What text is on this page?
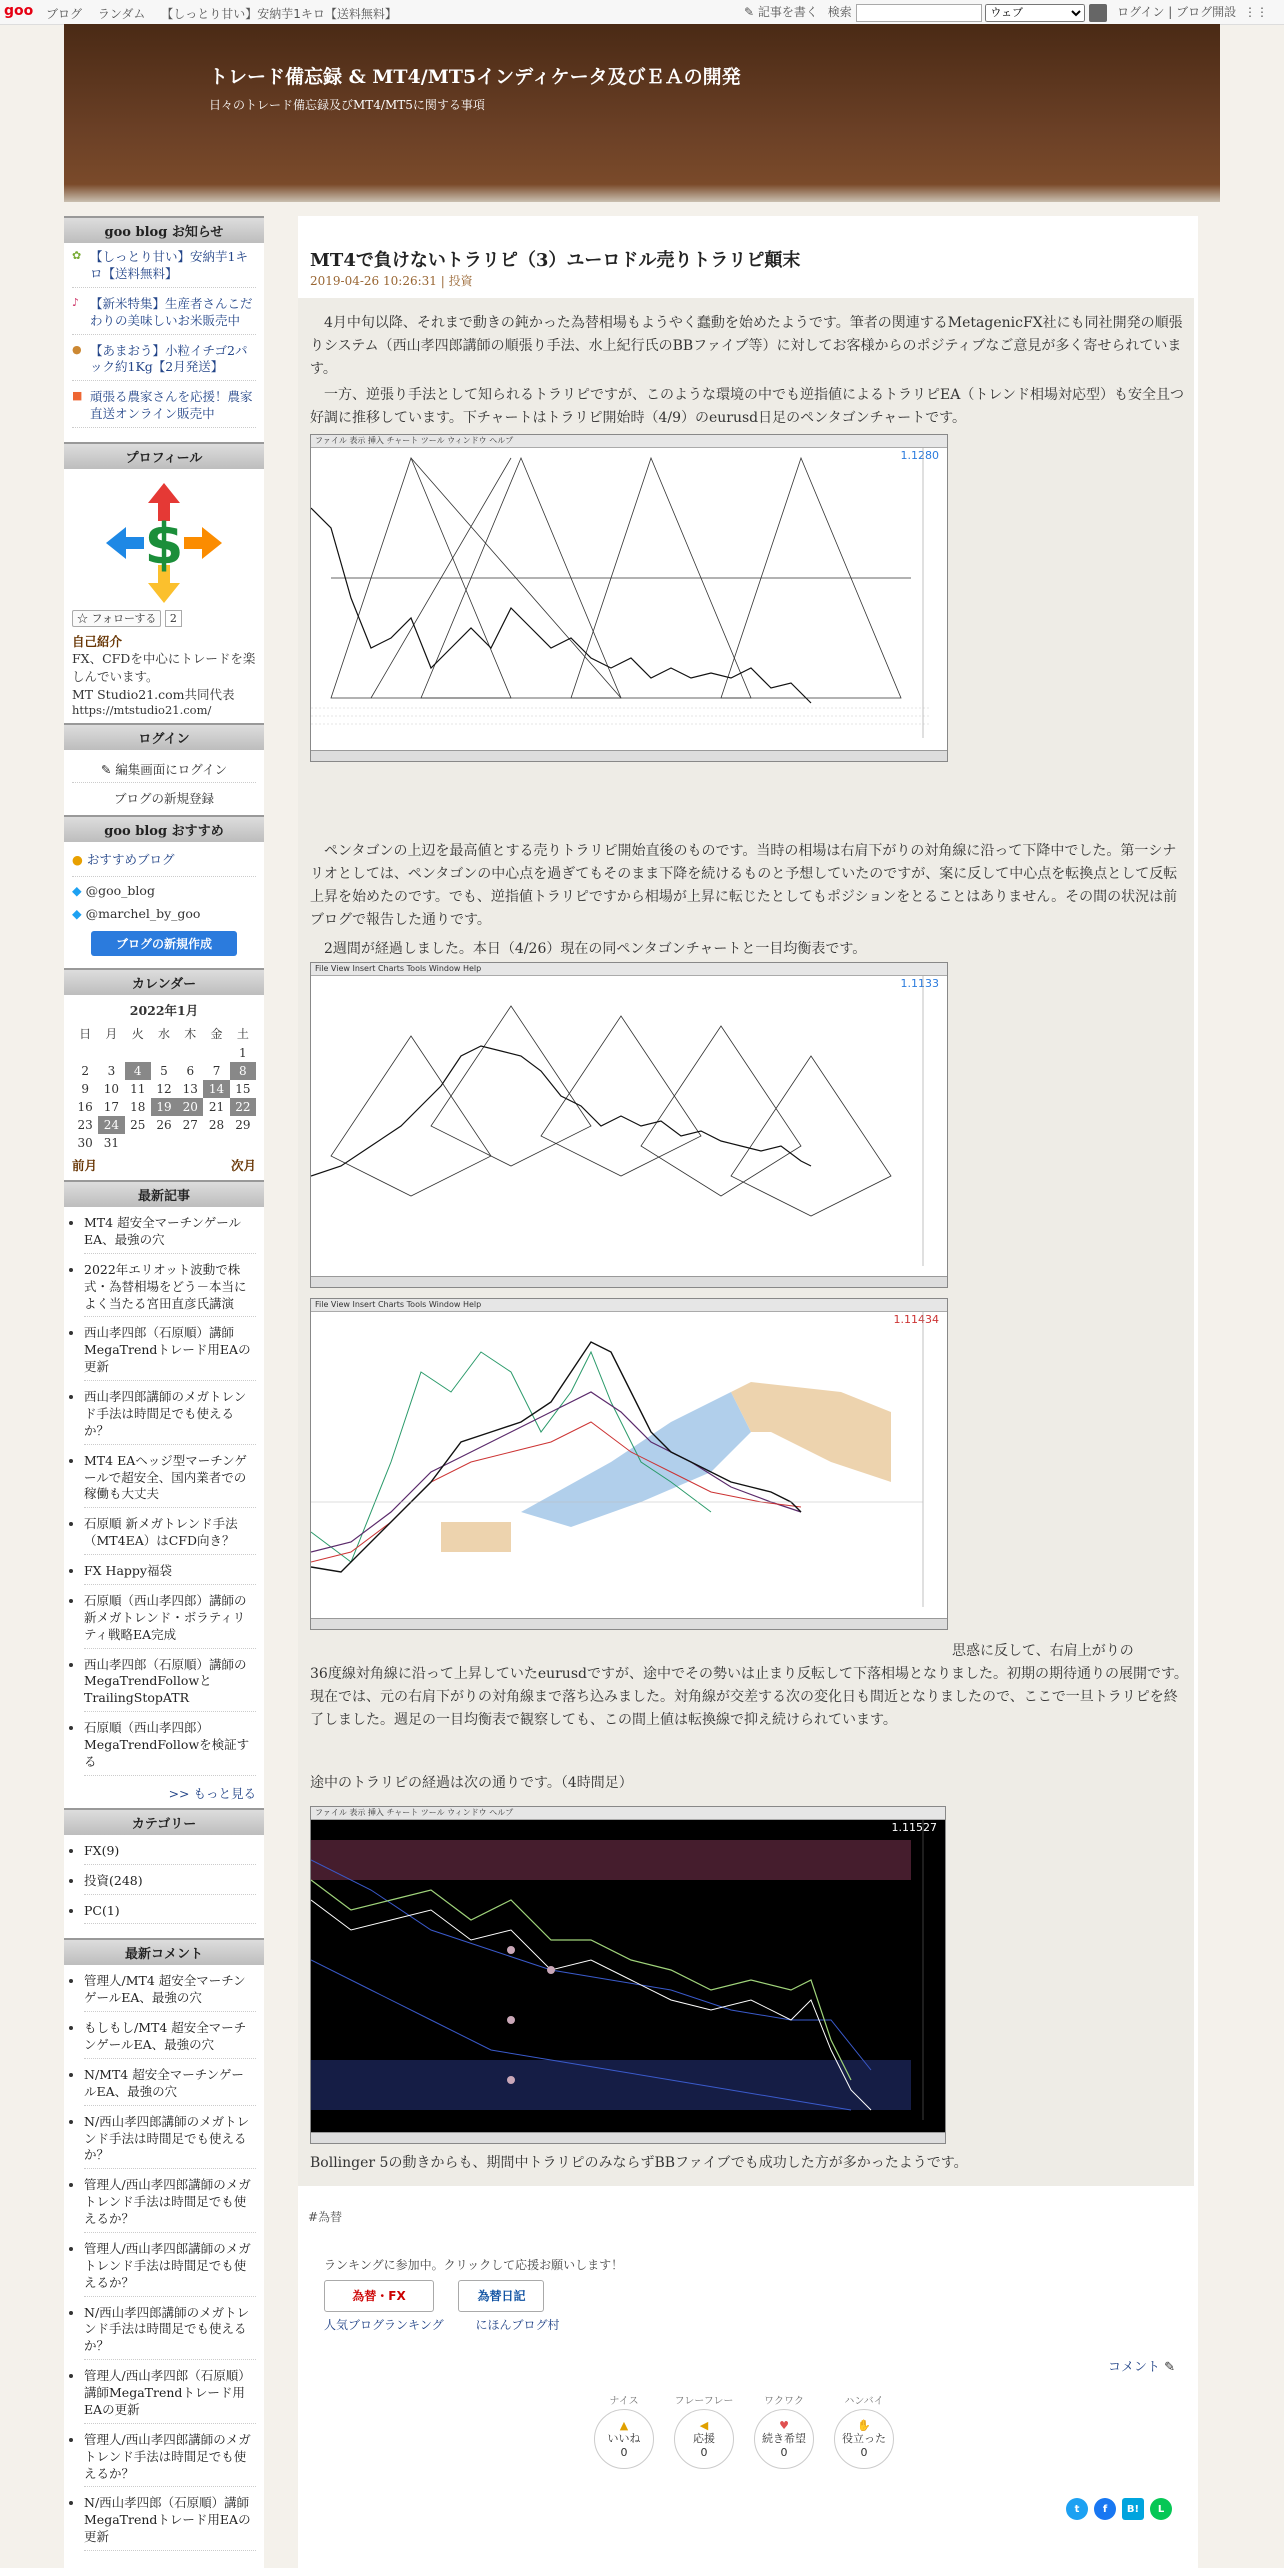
goo ブログ ランダム 【しっとり甘い】安納芋1キロ【送料無料】	✎ 記事を書く 検索
ウェブ	ログイン | ブログ開設 ⋮⋮
トレード備忘録 & MT4/MT5インディケータ及びＥＡの開発
日々のトレード備忘録及びMT4/MT5に関する事項
goo blog お知らせ
✿ 【しっとり甘い】安納芋1キロ【送料無料】
♪ 【新米特集】生産者さんこだわりの美味しいお米販売中
● 【あまおう】小粒イチゴ2パック約1Kg【2月発送】
■ 頑張る農家さんを応援！農家直送オンライン販売中
プロフィール
$
☆ フォローする 2
自己紹介
FX、CFDを中心にトレードを楽しんでいます。
MT Studio21.com共同代表
https://mtstudio21.com/
ログイン
✎ 編集画面にログイン
ブログの新規登録
goo blog おすすめ
● おすすめブログ
◆ @goo_blog
◆ @marchel_by_goo
ブログの新規作成
カレンダー
2022年1月
日	月	火	水	木	金	土
						1
2	3	4	5	6	7	8
9	10	11	12	13	14	15
16	17	18	19	20	21	22
23	24	25	26	27	28	29
30	31					
前月	次月
最新記事
• MT4 超安全マーチンゲールEA、最強の穴
• 2022年エリオット波動で株式・為替相場をどう－本当によく当たる宮田直彦氏講演
• 西山孝四郎（石原順）講師MegaTrendトレード用EAの更新
• 西山孝四郎講師のメガトレンド手法は時間足でも使えるか？
• MT4 EAヘッジ型マーチンゲールで超安全、国内業者での稼働も大丈夫
• 石原順 新メガトレンド手法（MT4EA）はCFD向き？
• FX Happy福袋
• 石原順（西山孝四郎）講師の新メガトレンド・ボラティリティ戦略EA完成
• 西山孝四郎（石原順）講師のMegaTrendFollowとTrailingStopATR
• 石原順（西山孝四郎）MegaTrendFollowを検証する
>> もっと見る
カテゴリー
• FX(9)
• 投資(248)
• PC(1)
最新コメント
• 管理人/MT4 超安全マーチンゲールEA、最強の穴
• もしもし/MT4 超安全マーチンゲールEA、最強の穴
• N/MT4 超安全マーチンゲールEA、最強の穴
• N/西山孝四郎講師のメガトレンド手法は時間足でも使えるか？
• 管理人/西山孝四郎講師のメガトレンド手法は時間足でも使えるか？
• 管理人/西山孝四郎講師のメガトレンド手法は時間足でも使えるか？
• N/西山孝四郎講師のメガトレンド手法は時間足でも使えるか？
• 管理人/西山孝四郎（石原順）講師MegaTrendトレード用EAの更新
• 管理人/西山孝四郎講師のメガトレンド手法は時間足でも使えるか？
• N/西山孝四郎（石原順）講師MegaTrendトレード用EAの更新
MT4で負けないトラリピ（3）ユーロドル売りトラリピ顛末
2019-04-26 10:26:31 | 投資
4月中旬以降、それまで動きの鈍かった為替相場もようやく蠢動を始めたようです。筆者の関連するMetagenicFX社にも同社開発の順張りシステム（西山孝四郎講師の順張り手法、水上紀行氏のBBファイブ等）に対してお客様からのポジティブなご意見が多く寄せられています。
一方、逆張り手法として知られるトラリピですが、このような環境の中でも逆指値によるトラリピEA（トレンド相場対応型）も安全且つ好調に推移しています。下チャートはトラリピ開始時（4/9）のeurusd日足のペンタゴンチャートです。
ファイル 表示 挿入 チャート ツール ウィンドウ ヘルプ
1.1280
ペンタゴンの上辺を最高値とする売りトラリピ開始直後のものです。当時の相場は右肩下がりの対角線に沿って下降中でした。第一シナリオとしては、ペンタゴンの中心点を過ぎてもそのまま下降を続けるものと予想していたのですが、案に反して中心点を転換点として反転上昇を始めたのです。でも、逆指値トラリピですから相場が上昇に転じたとしてもポジションをとることはありません。その間の状況は前ブログで報告した通りです。
2週間が経過しました。本日（4/26）現在の同ペンタゴンチャートと一目均衡表です。
File View Insert Charts Tools Window Help
1.1133
File View Insert Charts Tools Window Help
1.11434
思惑に反して、右肩上がりの
36度線対角線に沿って上昇していたeurusdですが、途中でその勢いは止まり反転して下落相場となりました。初期の期待通りの展開です。現在では、元の右肩下がりの対角線まで落ち込みました。対角線が交差する次の変化日も間近となりましたので、ここで一旦トラリピを終了しました。週足の一目均衡表で観察しても、この間上値は転換線で抑え続けられています。
途中のトラリピの経過は次の通りです。（4時間足）
ファイル 表示 挿入 チャート ツール ウィンドウ ヘルプ
1.11527
Bollinger 5の動きからも、期間中トラリピのみならずBBファイブでも成功した方が多かったようです。
#為替
ランキングに参加中。クリックして応援お願いします！
為替・FX	為替日記
人気ブログランキング	にほんブログ村
コメント ✎
ナイス
▲
いいね
0
フレーフレー
◀
応援
0
ワクワク
♥
続き希望
0
ハンバイ
✋
役立った
0
t	f	B!	L
